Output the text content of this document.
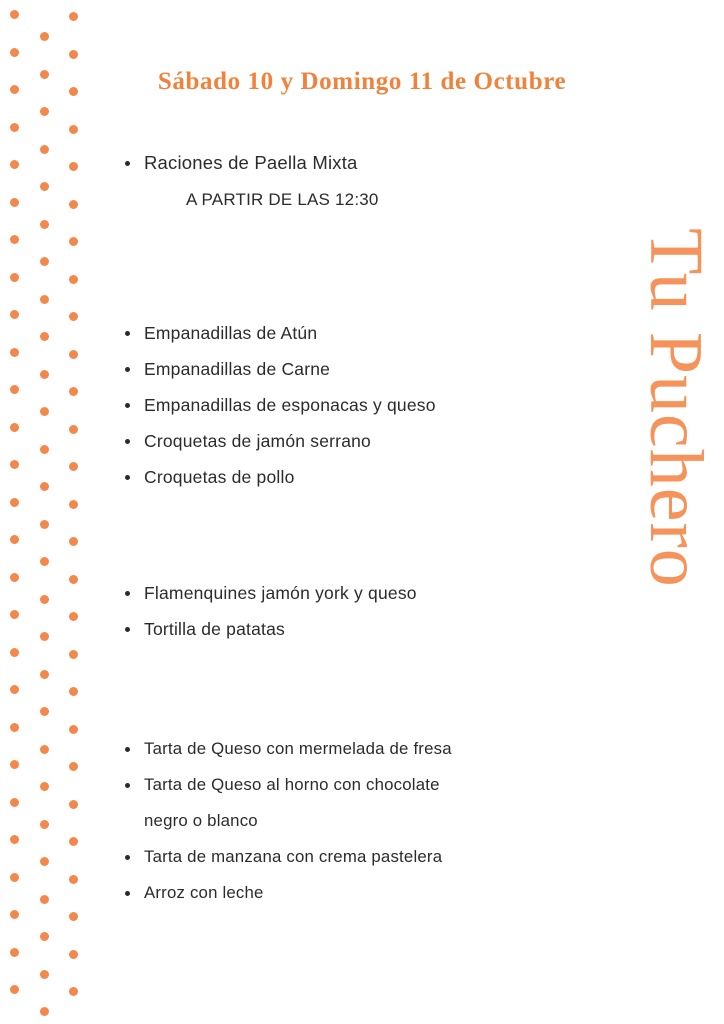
Sábado 10 y Domingo 11 de Octubre
Tu Puchero
Raciones de Paella Mixta
A PARTIR DE LAS 12:30
Empanadillas de Atún
Empanadillas de Carne
Empanadillas de esponacas y queso
Croquetas de jamón serrano
Croquetas de pollo
Flamenquines jamón york y queso
Tortilla de patatas
Tarta de Queso con mermelada de fresa
Tarta de Queso al horno con chocolate
negro o blanco
Tarta de manzana con crema pastelera
Arroz con leche
